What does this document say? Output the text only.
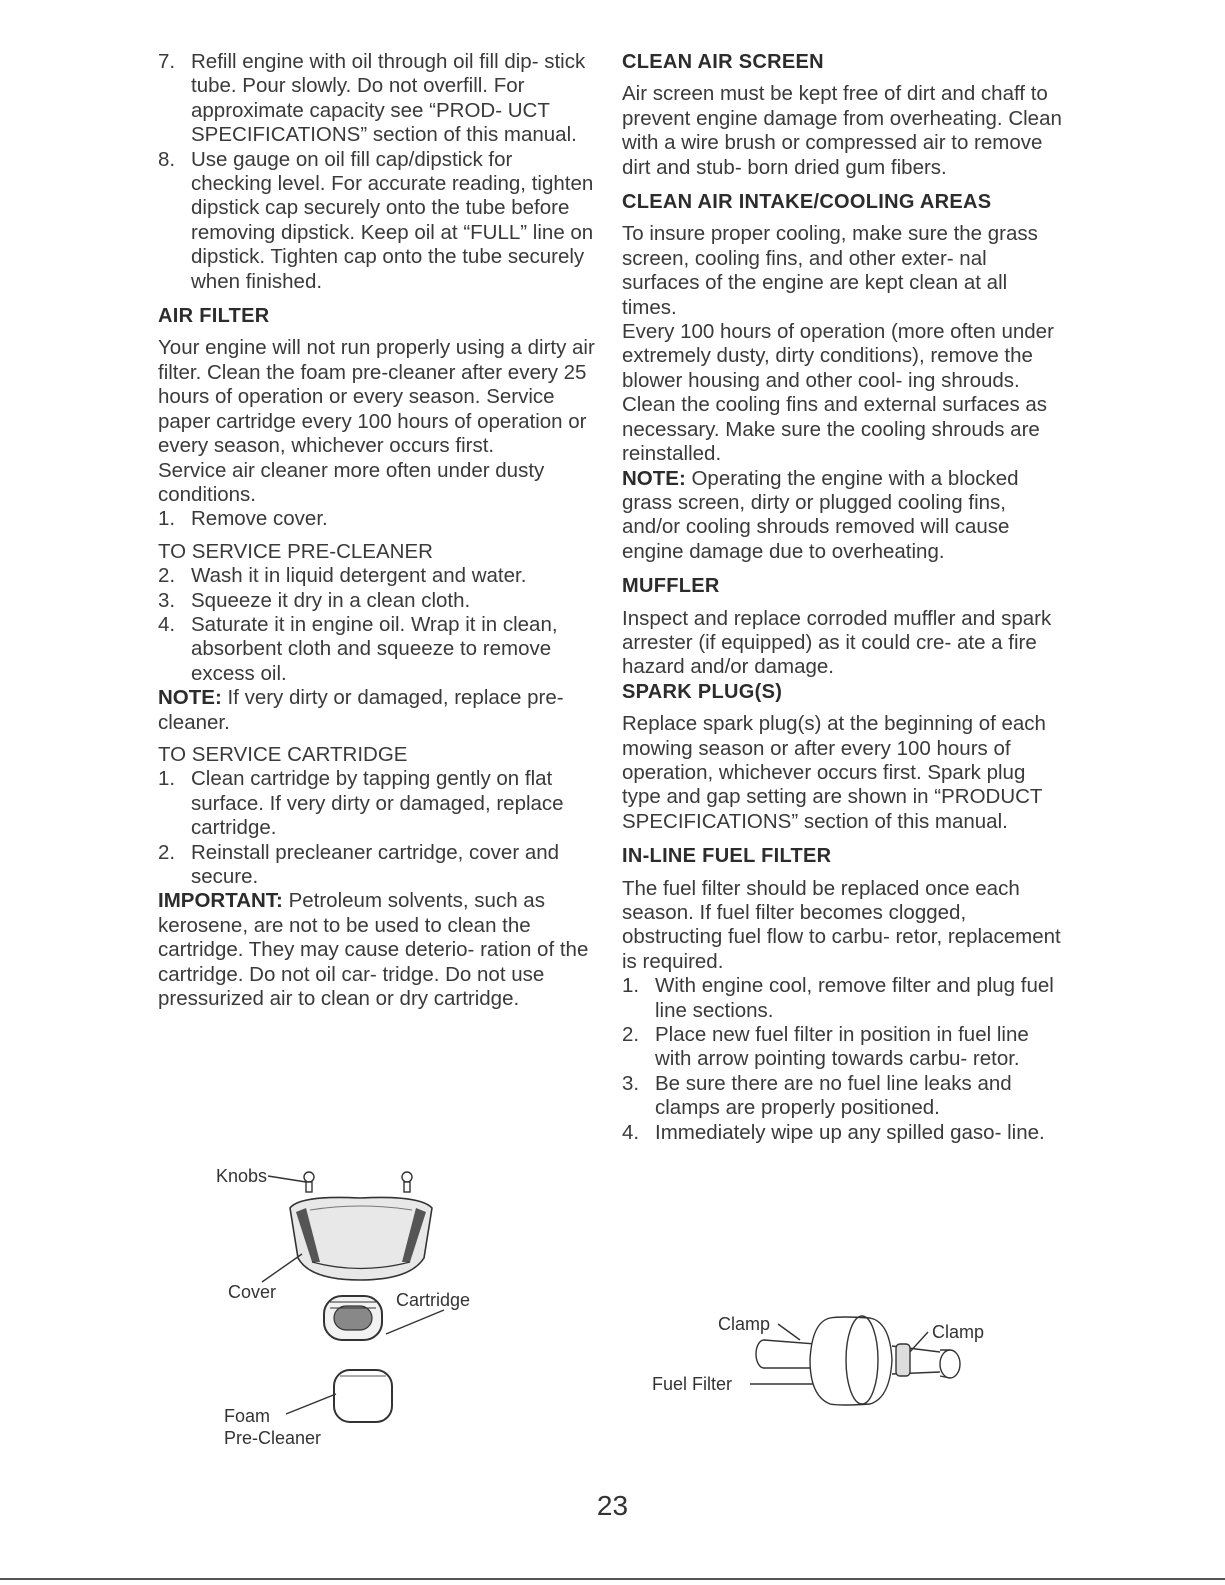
7. Refill engine with oil through oil fill dip- stick tube. Pour slowly. Do not overfill. For approximate capacity see “PROD- UCT SPECIFICATIONS” section of this manual.
8. Use gauge on oil fill cap/dipstick for checking level. For accurate reading, tighten dipstick cap securely onto the tube before removing dipstick. Keep oil at “FULL” line on dipstick. Tighten cap onto the tube securely when finished.
AIR FILTER

Your engine will not run properly using a dirty air filter. Clean the foam pre-cleaner after every 25 hours of operation or every season. Service paper cartridge every 100 hours of operation or every season, whichever occurs first.

Service air cleaner more often under dusty conditions.

1. Remove cover.
TO SERVICE PRE-CLEANER
2. Wash it in liquid detergent and water.
3. Squeeze it dry in a clean cloth.
4. Saturate it in engine oil. Wrap it in clean, absorbent cloth and squeeze to remove excess oil.

NOTE: If very dirty or damaged, replace pre-cleaner.

TO SERVICE CARTRIDGE
1. Clean cartridge by tapping gently on flat surface. If very dirty or damaged, replace cartridge.
2. Reinstall precleaner cartridge, cover and secure.

IMPORTANT: Petroleum solvents, such as kerosene, are not to be used to clean the cartridge. They may cause deterio- ration of the cartridge. Do not oil car- tridge. Do not use pressurized air to clean or dry cartridge.

Knobs
Cover	Cartridge
Foam
Pre-Cleaner
CLEAN AIR SCREEN

Air screen must be kept free of dirt and chaff to prevent engine damage from overheating. Clean with a wire brush or compressed air to remove dirt and stub- born dried gum fibers.

CLEAN AIR INTAKE/COOLING AREAS

To insure proper cooling, make sure the grass screen, cooling fins, and other exter- nal surfaces of the engine are kept clean at all times.

Every 100 hours of operation (more often under extremely dusty, dirty conditions), remove the blower housing and other cool- ing shrouds. Clean the cooling fins and external surfaces as necessary. Make sure the cooling shrouds are reinstalled.

NOTE: Operating the engine with a blocked grass screen, dirty or plugged cooling fins, and/or cooling shrouds removed will cause engine damage due to overheating.

MUFFLER

Inspect and replace corroded muffler and spark arrester (if equipped) as it could cre- ate a fire hazard and/or damage.

SPARK PLUG(S)

Replace spark plug(s) at the beginning of each mowing season or after every 100 hours of operation, whichever occurs first. Spark plug type and gap setting are shown in “PRODUCT SPECIFICATIONS” section of this manual.

IN-LINE FUEL FILTER

The fuel filter should be replaced once each season. If fuel filter becomes clogged, obstructing fuel flow to carbu- retor, replacement is required.

1. With engine cool, remove filter and plug fuel line sections.
2. Place new fuel filter in position in fuel line with arrow pointing towards carbu- retor.
3. Be sure there are no fuel line leaks and clamps are properly positioned.
4. Immediately wipe up any spilled gaso- line.
Clamp	Clamp
Fuel Filter
23
